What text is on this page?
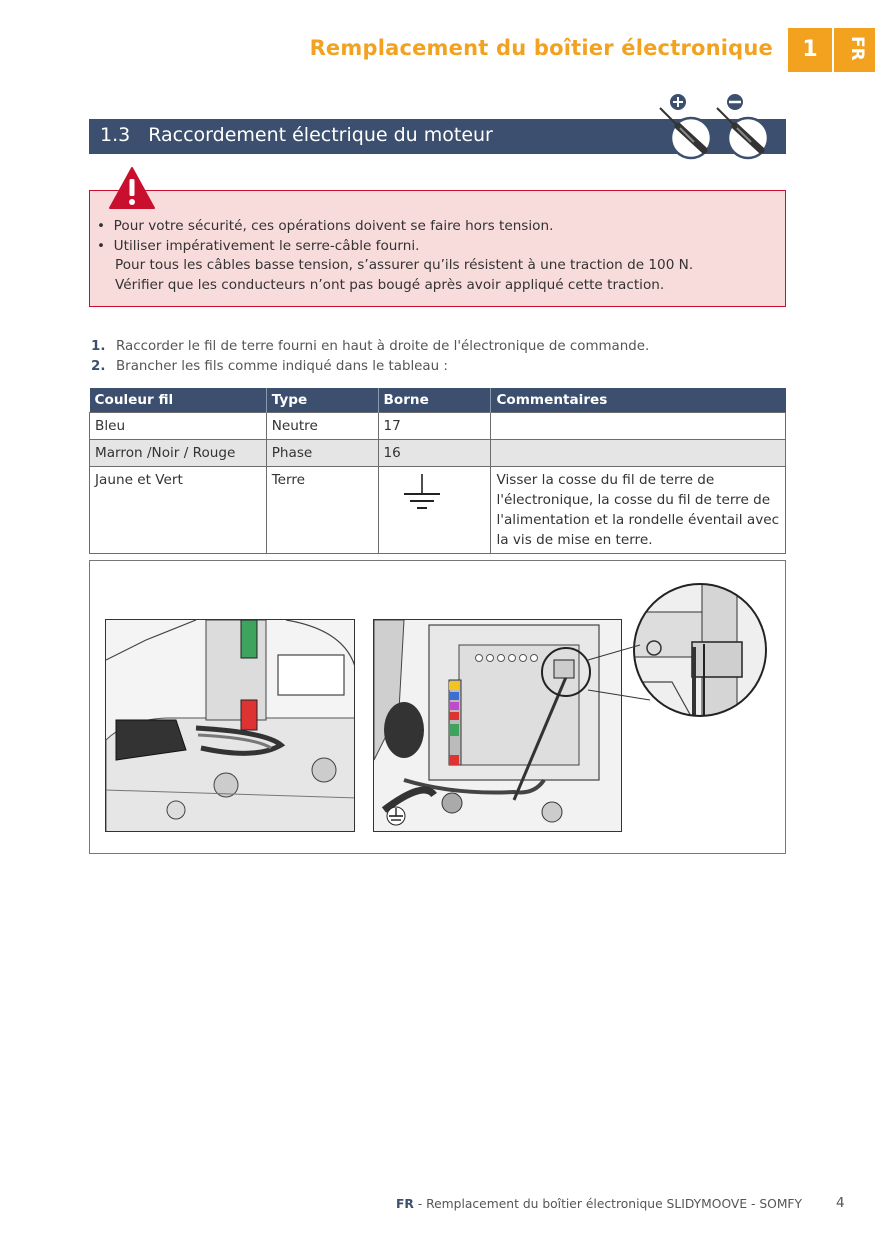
Remplacement du boîtier électronique	1	FR
1.3 Raccordement électrique du moteur
•  Pour votre sécurité, ces opérations doivent se faire hors tension.
•  Utiliser impérativement le serre-câble fourni.
Pour tous les câbles basse tension, s’assurer qu’ils résistent à une traction de 100 N.
Vérifier que les conducteurs n’ont pas bougé après avoir appliqué cette traction.
1. Raccorder le fil de terre fourni en haut à droite de l'électronique de commande.
2. Brancher les fils comme indiqué dans le tableau :
Couleur fil	Type	Borne	Commentaires
Bleu	Neutre	17	
Marron /Noir / Rouge	Phase	16	
Jaune et Vert	Terre		Visser la cosse du fil de terre de l'électronique, la cosse du fil de terre de l'alimentation et la rondelle éventail avec la vis de mise en terre.
FR - Remplacement du boîtier électronique SLIDYMOOVE - SOMFY	4
